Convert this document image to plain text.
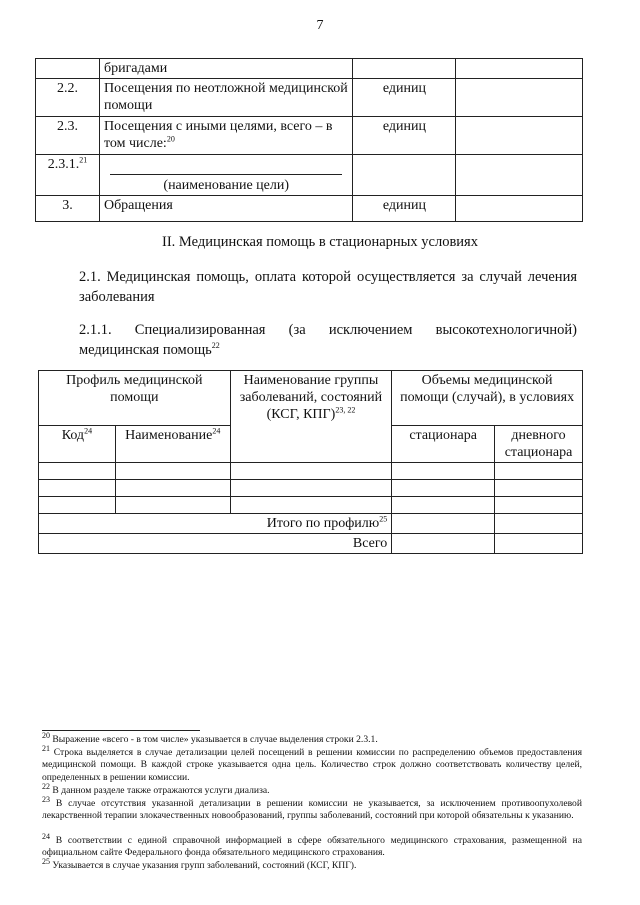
7
	бригадами		
2.2.	Посещения по неотложной медицинской помощи	единиц	
2.3.	Посещения с иными целями, всего – в том числе:$^{20}$	единиц	
2.3.1.21	(наименование цели)		

3.	Обращения	единиц	
II. Медицинская помощь в стационарных условиях
2.1. Медицинская помощь, оплата которой осуществляется за случай лечения заболевания
2.1.1. Специализированная (за исключением высокотехнологичной) медицинская помощь$^{22}$
Профиль медицинской помощи		Наименование группы заболеваний, состояний (КСГ, КПГ)$^{23, 22}$	Объемы медицинской помощи (случай), в условиях	
Код$^{24}$	Наименование$^{24}$		стационара	дневного стационара

Итого по профилю$^{25}$		
Всего				
$^{20}$ Выражение «всего - в том числе» указывается в случае выделения строки 2.3.1.
$^{21}$ Строка выделяется в случае детализации целей посещений в решении комиссии по распределению объемов предоставления медицинской помощи. В каждой строке указывается одна цель. Количество строк должно соответствовать количеству целей, определенных в решении комиссии.
$^{22}$ В данном разделе также отражаются услуги диализа.
$^{23}$ В случае отсутствия указанной детализации в решении комиссии не указывается, за исключением противоопухолевой лекарственной терапии злокачественных новообразований, группы заболеваний, состояний при которой обязательны к указанию.
$^{24}$ В соответствии с единой справочной информацией в сфере обязательного медицинского страхования, размещенной на официальном сайте Федерального фонда обязательного медицинского страхования.
$^{25}$ Указывается в случае указания групп заболеваний, состояний (КСГ, КПГ).
